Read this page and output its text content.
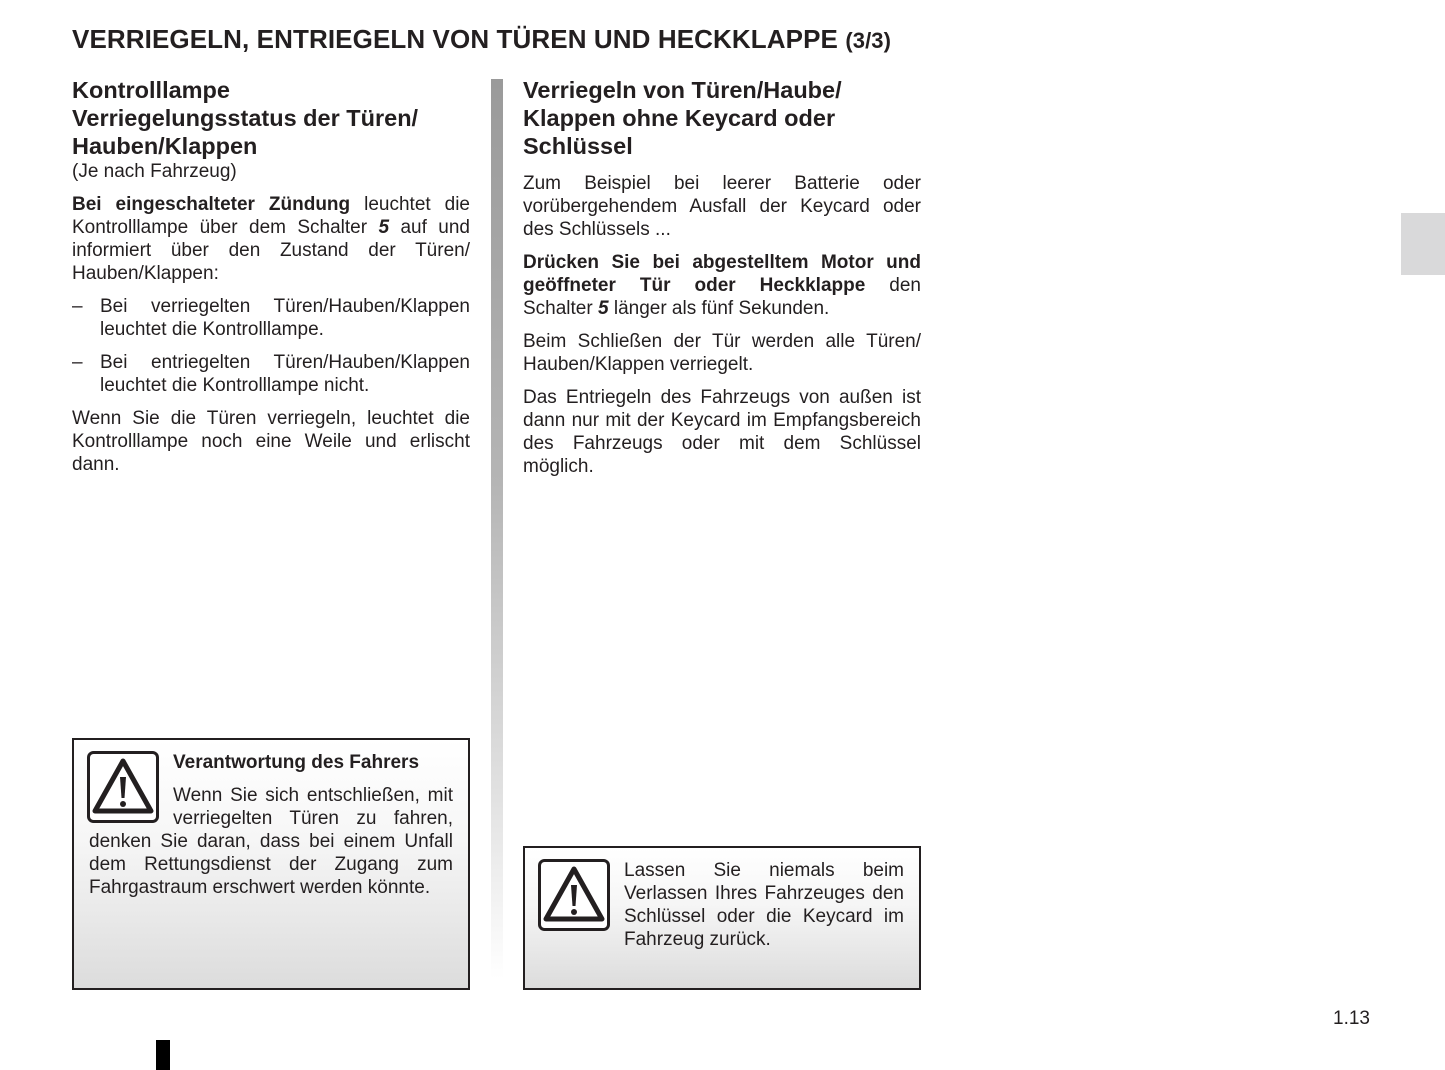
VERRIEGELN, ENTRIEGELN VON TÜREN UND HECKKLAPPE (3/3)
Kontrolllampe
Verriegelungsstatus der Türen/
Hauben/Klappen

(Je nach Fahrzeug)

Bei eingeschalteter Zündung leuchtet die Kontrolllampe über dem Schalter 5 auf und informiert über den Zustand der Türen/ Hauben/Klappen:

– Bei verriegelten Türen/Hauben/Klappen leuchtet die Kontrolllampe.
– Bei entriegelten Türen/Hauben/Klappen leuchtet die Kontrolllampe nicht.

Wenn Sie die Türen verriegeln, leuchtet die Kontrolllampe noch eine Weile und erlischt dann.

Verriegeln von Türen/Haube/
Klappen ohne Keycard oder
Schlüssel

Zum Beispiel bei leerer Batterie oder vorübergehendem Ausfall der Keycard oder des Schlüssels ...

Drücken Sie bei abgestelltem Motor und geöffneter Tür oder Heckklappe den Schalter 5 länger als fünf Sekunden.

Beim Schließen der Tür werden alle Türen/ Hauben/Klappen verriegelt.

Das Entriegeln des Fahrzeugs von außen ist dann nur mit der Keycard im Empfangsbereich des Fahrzeugs oder mit dem Schlüssel möglich.

Verantwortung des Fahrers

Wenn Sie sich entschließen, mit verriegelten Türen zu fahren, denken Sie daran, dass bei einem Unfall dem Rettungsdienst der Zugang zum Fahrgastraum erschwert werden könnte.

Lassen Sie niemals beim Verlassen Ihres Fahrzeuges den Schlüssel oder die Keycard im Fahrzeug zurück.

1.13
